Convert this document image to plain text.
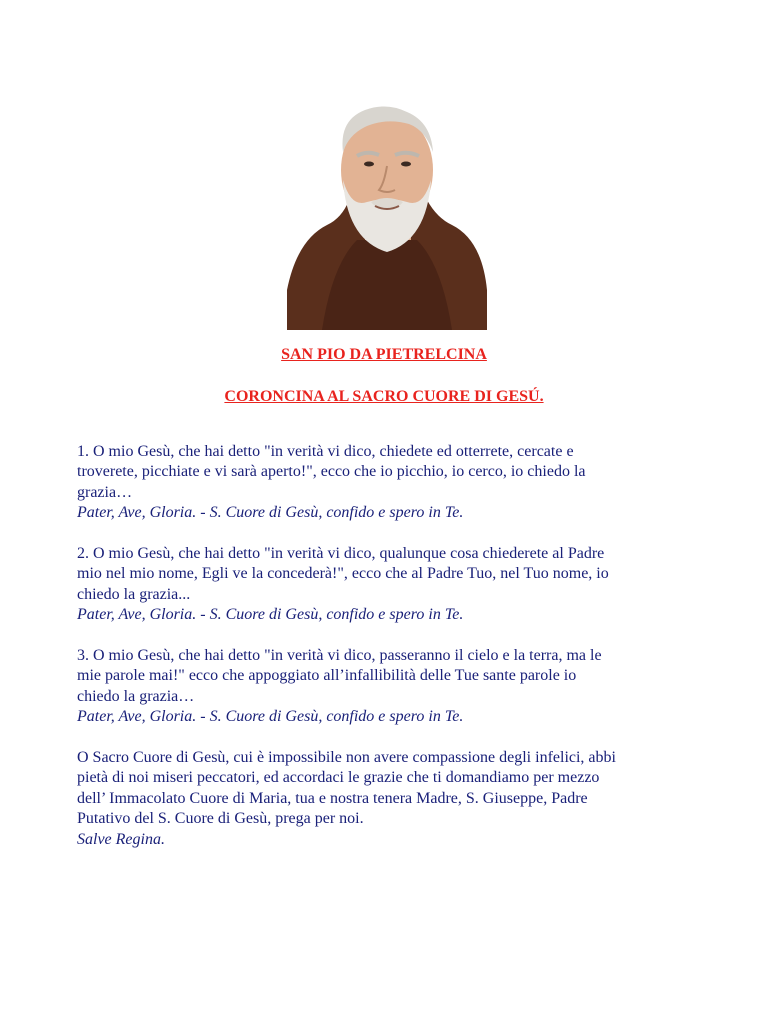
SAN PIO DA PIETRELCINA
CORONCINA AL SACRO CUORE DI GESÚ.

1. O mio Gesù, che hai detto "in verità vi dico, chiedete ed otterrete, cercate e
troverete, picchiate e vi sarà aperto!", ecco che io picchio, io cerco, io chiedo la
grazia…
Pater, Ave, Gloria. - S. Cuore di Gesù, confido e spero in Te.

2. O mio Gesù, che hai detto "in verità vi dico, qualunque cosa chiederete al Padre
mio nel mio nome, Egli ve la concederà!", ecco che al Padre Tuo, nel Tuo nome, io
chiedo la grazia...
Pater, Ave, Gloria. - S. Cuore di Gesù, confido e spero in Te.

3. O mio Gesù, che hai detto "in verità vi dico, passeranno il cielo e la terra, ma le
mie parole mai!" ecco che appoggiato all’infallibilità delle Tue sante parole io
chiedo la grazia…
Pater, Ave, Gloria. - S. Cuore di Gesù, confido e spero in Te.

O Sacro Cuore di Gesù, cui è impossibile non avere compassione degli infelici, abbi
pietà di noi miseri peccatori, ed accordaci le grazie che ti domandiamo per mezzo
dell’ Immacolato Cuore di Maria, tua e nostra tenera Madre, S. Giuseppe, Padre
Putativo del S. Cuore di Gesù, prega per noi.
Salve Regina.
